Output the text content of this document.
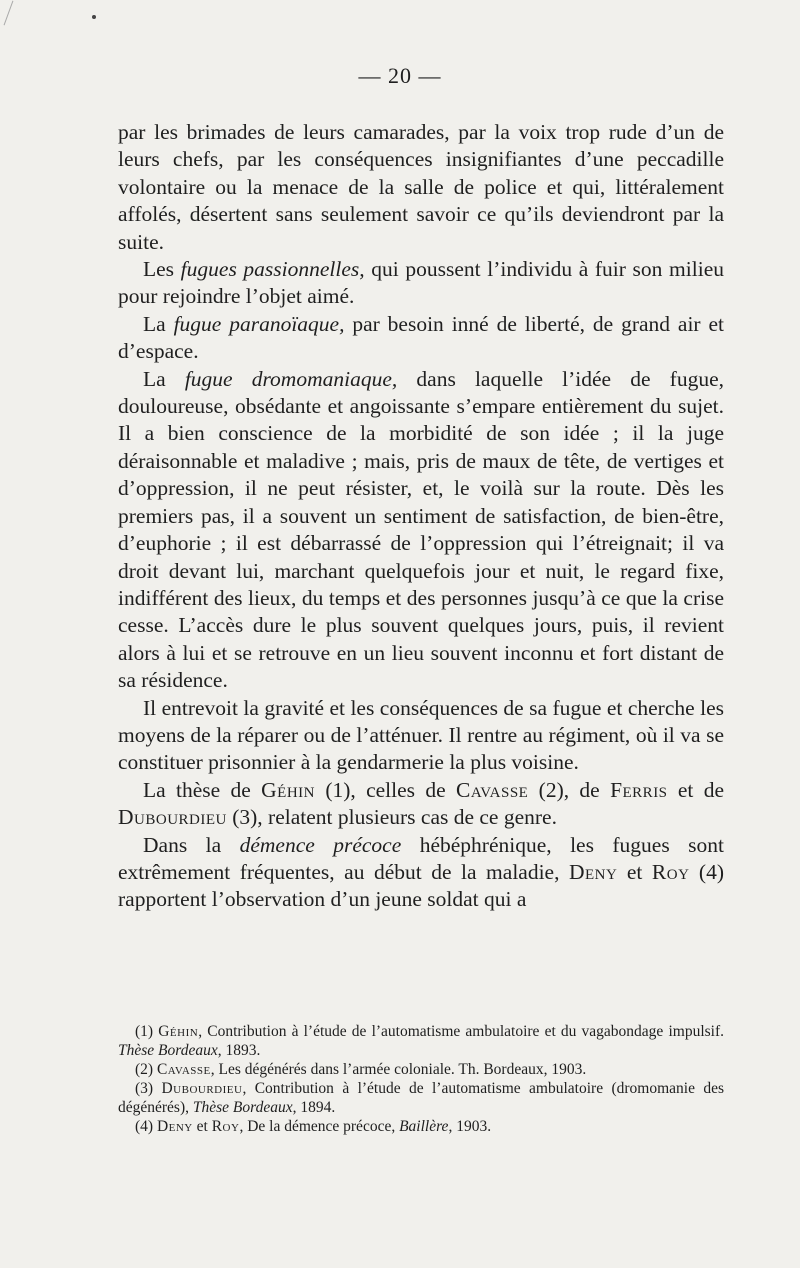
— 20 —

par les brimades de leurs camarades, par la voix trop rude d’un de leurs chefs, par les conséquences insignifiantes d’une peccadille volontaire ou la menace de la salle de police et qui, littéralement affolés, désertent sans seulement savoir ce qu’ils deviendront par la suite.

Les fugues passionnelles, qui poussent l’individu à fuir son milieu pour rejoindre l’objet aimé.

La fugue paranoïaque, par besoin inné de liberté, de grand air et d’espace.

La fugue dromomaniaque, dans laquelle l’idée de fugue, douloureuse, obsédante et angoissante s’empare entièrement du sujet. Il a bien conscience de la morbidité de son idée ; il la juge déraisonnable et maladive ; mais, pris de maux de tête, de vertiges et d’oppression, il ne peut résister, et, le voilà sur la route. Dès les premiers pas, il a souvent un sentiment de satisfaction, de bien-être, d’euphorie ; il est débarrassé de l’oppression qui l’étreignait; il va droit devant lui, marchant quelquefois jour et nuit, le regard fixe, indifférent des lieux, du temps et des personnes jusqu’à ce que la crise cesse. L’accès dure le plus souvent quelques jours, puis, il revient alors à lui et se retrouve en un lieu souvent inconnu et fort distant de sa résidence.

Il entrevoit la gravité et les conséquences de sa fugue et cherche les moyens de la réparer ou de l’atténuer. Il rentre au régiment, où il va se constituer prisonnier à la gendarmerie la plus voisine.

La thèse de Géhin (1), celles de Cavasse (2), de Ferris et de Dubourdieu (3), relatent plusieurs cas de ce genre.

Dans la démence précoce hébéphrénique, les fugues sont extrêmement fréquentes, au début de la maladie, Deny et Roy (4) rapportent l’observation d’un jeune soldat qui a

(1) Géhin, Contribution à l’étude de l’automatisme ambulatoire et du vagabondage impulsif. Thèse Bordeaux, 1893.

(2) Cavasse, Les dégénérés dans l’armée coloniale. Th. Bordeaux, 1903.

(3) Dubourdieu, Contribution à l’étude de l’automatisme ambulatoire (dromomanie des dégénérés), Thèse Bordeaux, 1894.

(4) Deny et Roy, De la démence précoce, Baillère, 1903.
